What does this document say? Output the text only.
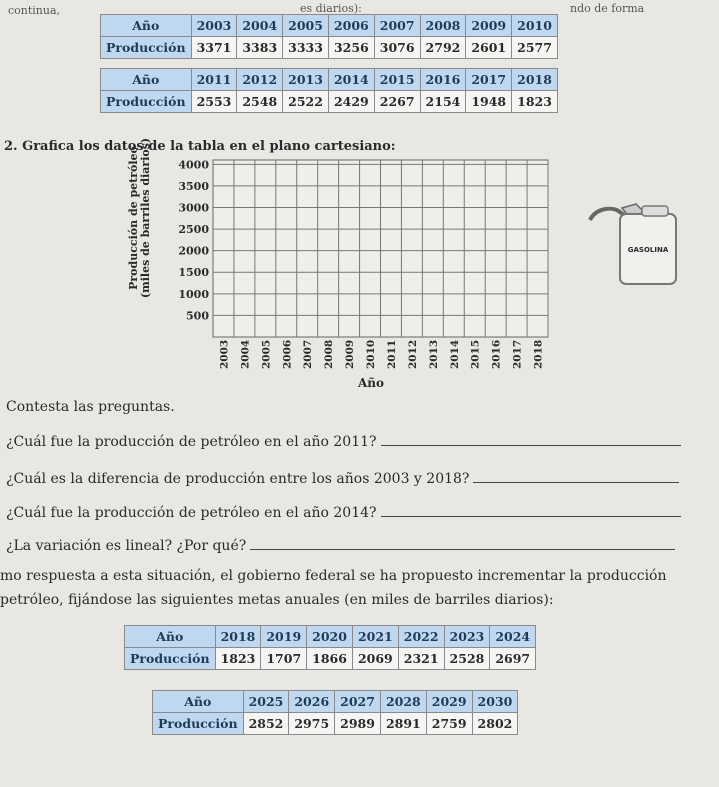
continua,	es diarios):	ndo de forma
Año	2003	2004	2005	2006	2007	2008	2009	2010
Producción	3371	3383	3333	3256	3076	2792	2601	2577
Año	2011	2012	2013	2014	2015	2016	2017	2018
Producción	2553	2548	2522	2429	2267	2154	1948	1823
2. Grafica los datos de la tabla en el plano cartesiano:
500
1000
1500
2000
2500
3000
3500
4000
2003 2004 2005 2006 2007 2008 2009 2010 2011 2012 2013 2014 2015 2016 2017 2018
Producción de petróleo (miles de barriles diarios)
Año
GASOLINA
Contesta las preguntas.
¿Cuál fue la producción de petróleo en el año 2011?
¿Cuál es la diferencia de producción entre los años 2003 y 2018?
¿Cuál fue la producción de petróleo en el año 2014?
¿La variación es lineal? ¿Por qué?
mo respuesta a esta situación, el gobierno federal se ha propuesto incrementar la producción
petróleo, fijándose las siguientes metas anuales (en miles de barriles diarios):
Año	2018	2019	2020	2021	2022	2023	2024
Producción	1823	1707	1866	2069	2321	2528	2697
Año	2025	2026	2027	2028	2029	2030
Producción	2852	2975	2989	2891	2759	2802
